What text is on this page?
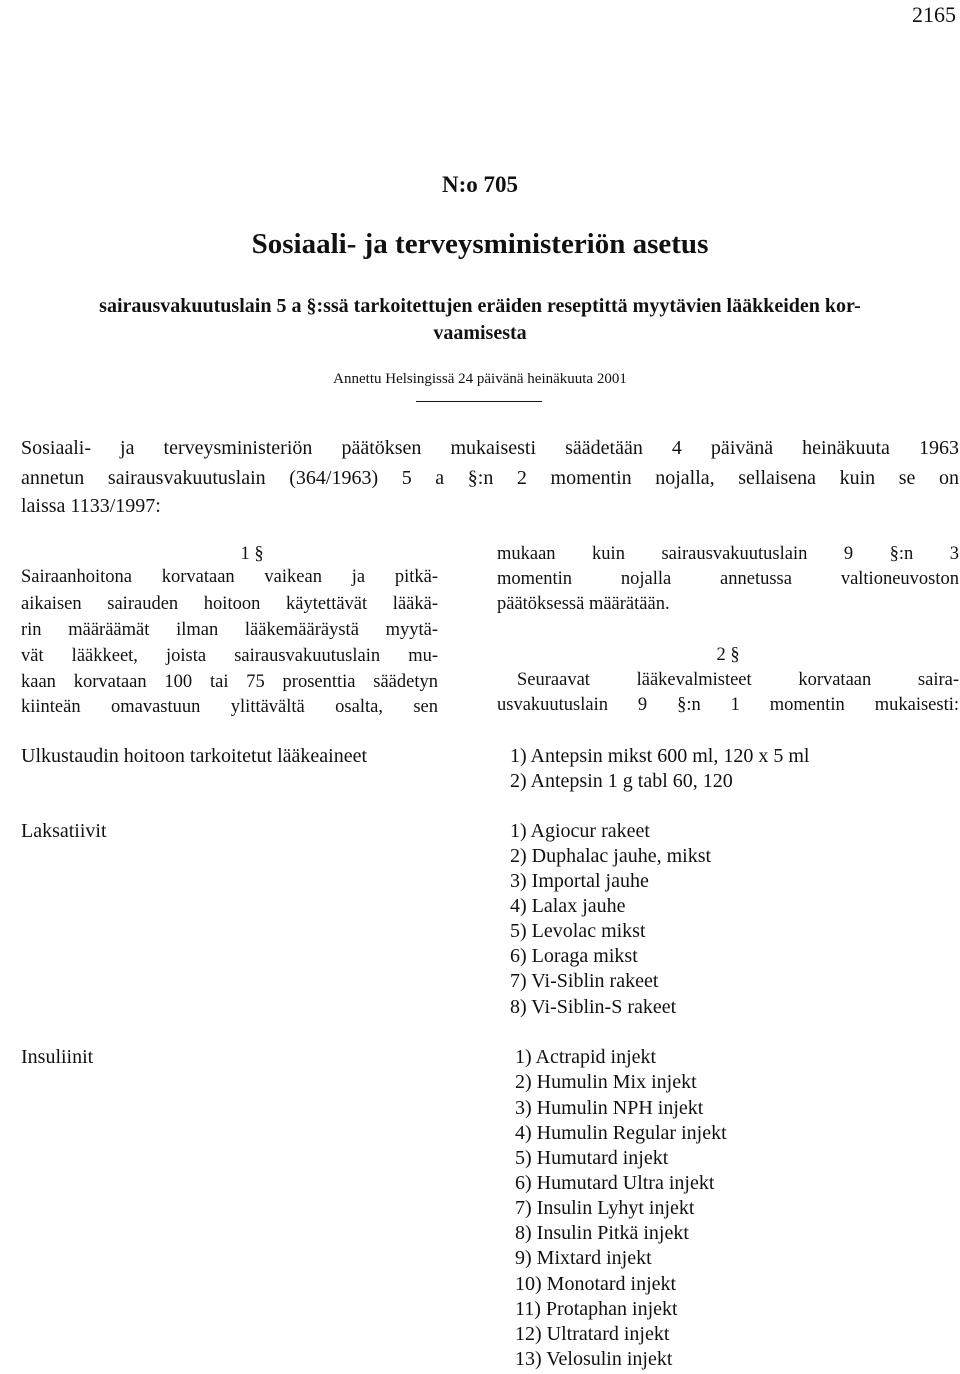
2165
N:o 705
Sosiaali- ja terveysministeriön asetus
sairausvakuutuslain 5 a §:ssä tarkoitettujen eräiden reseptittä myytävien lääkkeiden kor-
vaamisesta
Annettu Helsingissä 24 päivänä heinäkuuta 2001
Sosiaali- ja terveysministeriön päätöksen mukaisesti säädetään 4 päivänä heinäkuuta 1963
annetun sairausvakuutuslain (364/1963) 5 a §:n 2 momentin nojalla, sellaisena kuin se on
laissa 1133/1997:
1 §
Sairaanhoitona korvataan vaikean ja pitkä-
aikaisen sairauden hoitoon käytettävät lääkä-
rin määräämät ilman lääkemääräystä myytä-
vät lääkkeet, joista sairausvakuutuslain mu-
kaan korvataan 100 tai 75 prosenttia säädetyn
kiinteän omavastuun ylittävältä osalta, sen
mukaan kuin sairausvakuutuslain 9 §:n 3
momentin nojalla annetussa valtioneuvoston
päätöksessä määrätään.
2 §
Seuraavat lääkevalmisteet korvataan saira-
usvakuutuslain 9 §:n 1 momentin mukaisesti:
Ulkustaudin hoitoon tarkoitetut lääkeaineet	1) Antepsin mikst 600 ml, 120 x 5 ml
2) Antepsin 1 g tabl 60, 120
Laksatiivit	1) Agiocur rakeet
2) Duphalac jauhe, mikst
3) Importal jauhe
4) Lalax jauhe
5) Levolac mikst
6) Loraga mikst
7) Vi-Siblin rakeet
8) Vi-Siblin-S rakeet
Insuliinit	1) Actrapid injekt
2) Humulin Mix injekt
3) Humulin NPH injekt
4) Humulin Regular injekt
5) Humutard injekt
6) Humutard Ultra injekt
7) Insulin Lyhyt injekt
8) Insulin Pitkä injekt
9) Mixtard injekt
10) Monotard injekt
11) Protaphan injekt
12) Ultratard injekt
13) Velosulin injekt
